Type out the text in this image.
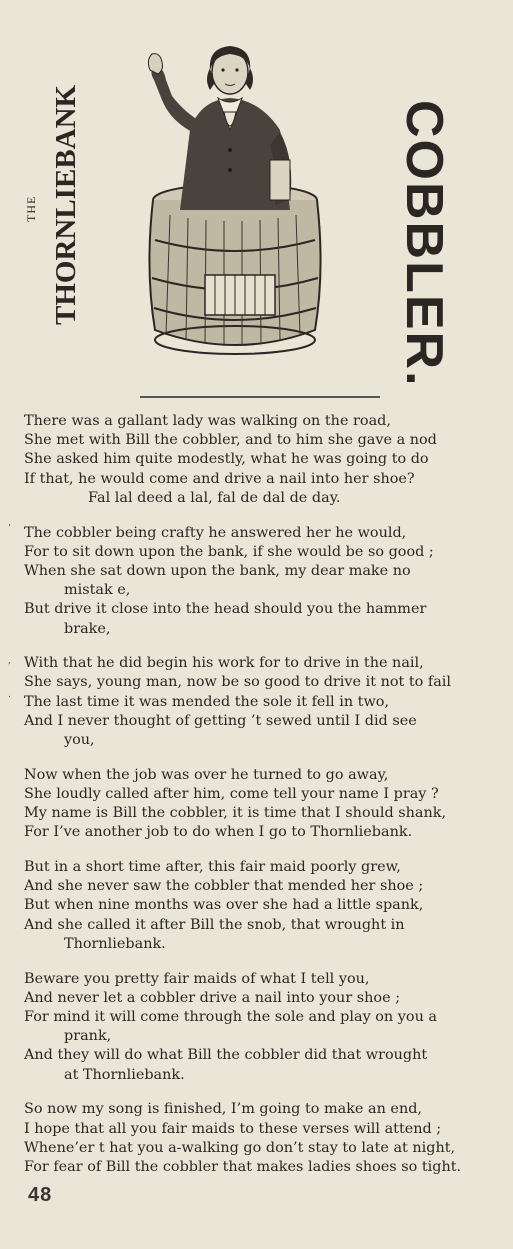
THE THORNLIEBANK	COBBLER.
’
,
.
There was a gallant lady was walking on the road,
She met with Bill the cobbler, and to him she gave a nod
She asked him quite modestly, what he was going to do
If that, he would come and drive a nail into her shoe?
Fal lal deed a lal, fal de dal de day.
The cobbler being crafty he answered her he would,
For to sit down upon the bank, if she would be so good ;
When she sat down upon the bank, my dear make no
mistak e,
But drive it close into the head should you the hammer
brake,
With that he did begin his work for to drive in the nail,
She says, young man, now be so good to drive it not to fail
The last time it was mended the sole it fell in two,
And I never thought of getting ’t sewed until I did see
you,
Now when the job was over he turned to go away,
She loudly called after him, come tell your name I pray ?
My name is Bill the cobbler, it is time that I should shank,
For I’ve another job to do when I go to Thornliebank.
But in a short time after, this fair maid poorly grew,
And she never saw the cobbler that mended her shoe ;
But when nine months was over she had a little spank,
And she called it after Bill the snob, that wrought in
Thornliebank.
Beware you pretty fair maids of what I tell you,
And never let a cobbler drive a nail into your shoe ;
For mind it will come through the sole and play on you a
prank,
And they will do what Bill the cobbler did that wrought
at Thornliebank.
So now my song is finished, I’m going to make an end,
I hope that all you fair maids to these verses will attend ;
Whene’er t hat you a-walking go don’t stay to late at night,
For fear of Bill the cobbler that makes ladies shoes so tight.
48
